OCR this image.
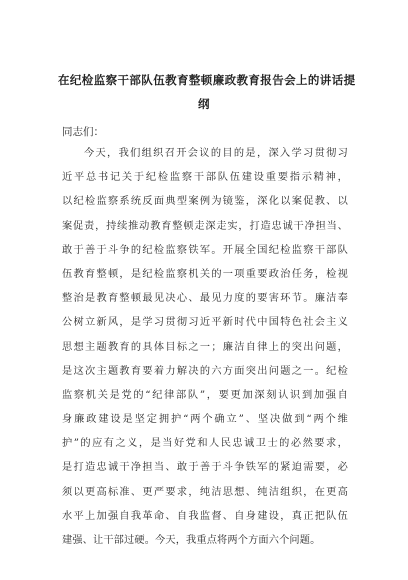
在纪检监察干部队伍教育整顿廉政教育报告会上的讲话提
纲
同志们：
今天，我们组织召开会议的目的是，深入学习贯彻习
近平总书记关于纪检监察干部队伍建设重要指示精神，
以纪检监察系统反面典型案例为镜鉴，深化以案促教、以
案促责，持续推动教育整顿走深走实，打造忠诚干净担当、
敢于善于斗争的纪检监察铁军。开展全国纪检监察干部队
伍教育整顿，是纪检监察机关的一项重要政治任务，检视
整治是教育整顿最见决心、最见力度的要害环节。廉洁奉
公树立新风，是学习贯彻习近平新时代中国特色社会主义
思想主题教育的具体目标之一；廉洁自律上的突出问题，
是这次主题教育要着力解决的六方面突出问题之一。纪检
监察机关是党的“纪律部队”，要更加深刻认识到加强自
身廉政建设是坚定拥护“两个确立”、坚决做到“两个维
护”的应有之义，是当好党和人民忠诚卫士的必然要求，
是打造忠诚干净担当、敢于善于斗争铁军的紧迫需要，必
须以更高标准、更严要求，纯洁思想、纯洁组织，在更高
水平上加强自我革命、自我监督、自身建设，真正把队伍
建强、让干部过硬。今天，我重点将两个方面六个问题。
